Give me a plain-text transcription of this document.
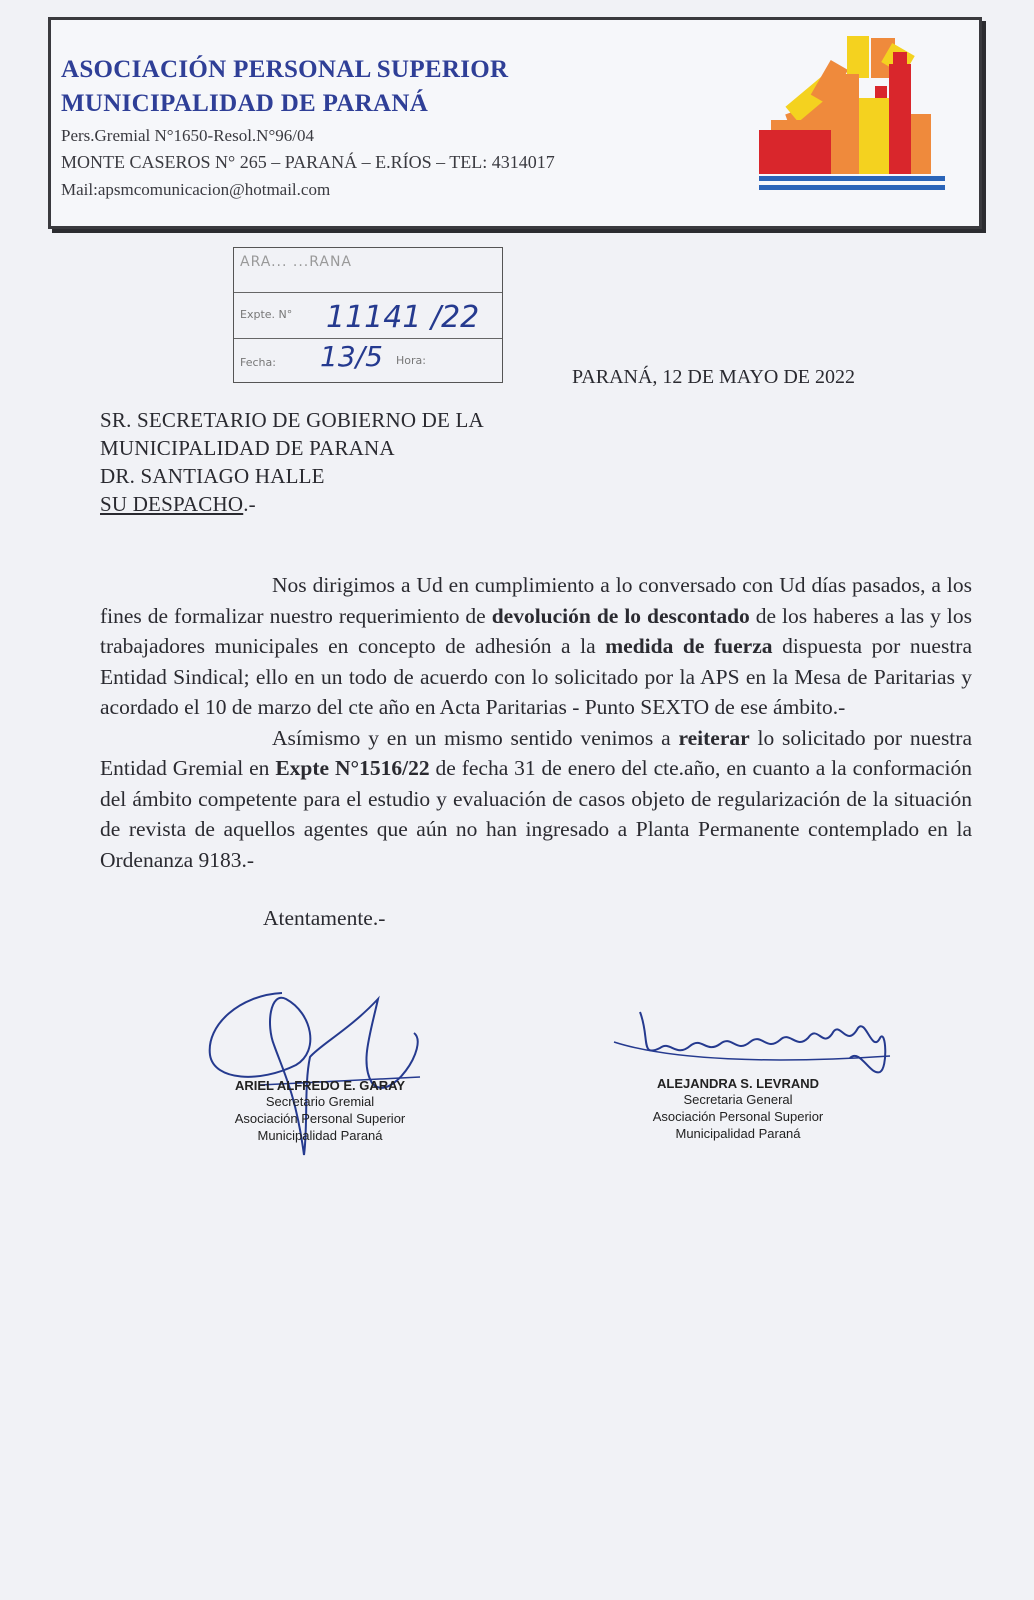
ASOCIACIÓN PERSONAL SUPERIOR
MUNICIPALIDAD DE PARANÁ
Pers.Gremial N°1650-Resol.N°96/04
MONTE CASEROS N° 265 – PARANÁ – E.RÍOS – TEL: 4314017
Mail:apsmcomunicacion@hotmail.com
ARA... ...RANA
Expte. N° 11141 /22
Fecha: 13/5 Hora:
PARANÁ, 12 DE MAYO DE 2022
SR. SECRETARIO DE GOBIERNO DE LA
MUNICIPALIDAD DE PARANA
DR. SANTIAGO HALLE
SU DESPACHO.-

Nos dirigimos a Ud en cumplimiento a lo conversado con Ud días pasados, a los fines de formalizar nuestro requerimiento de devolución de lo descontado de los haberes a las y los trabajadores municipales en concepto de adhesión a la medida de fuerza dispuesta por nuestra Entidad Sindical; ello en un todo de acuerdo con lo solicitado por la APS en la Mesa de Paritarias y acordado el 10 de marzo del cte año en Acta Paritarias - Punto SEXTO de ese ámbito.-

Asímismo y en un mismo sentido venimos a reiterar lo solicitado por nuestra Entidad Gremial en Expte N°1516/22 de fecha 31 de enero del cte.año, en cuanto a la conformación del ámbito competente para el estudio y evaluación de casos objeto de regularización de la situación de revista de aquellos agentes que aún no han ingresado a Planta Permanente contemplado en la Ordenanza 9183.-

Atentamente.-
ARIEL ALFREDO E. GARAY
Secretario Gremial
Asociación Personal Superior
Municipalidad Paraná
ALEJANDRA S. LEVRAND
Secretaria General
Asociación Personal Superior
Municipalidad Paraná
